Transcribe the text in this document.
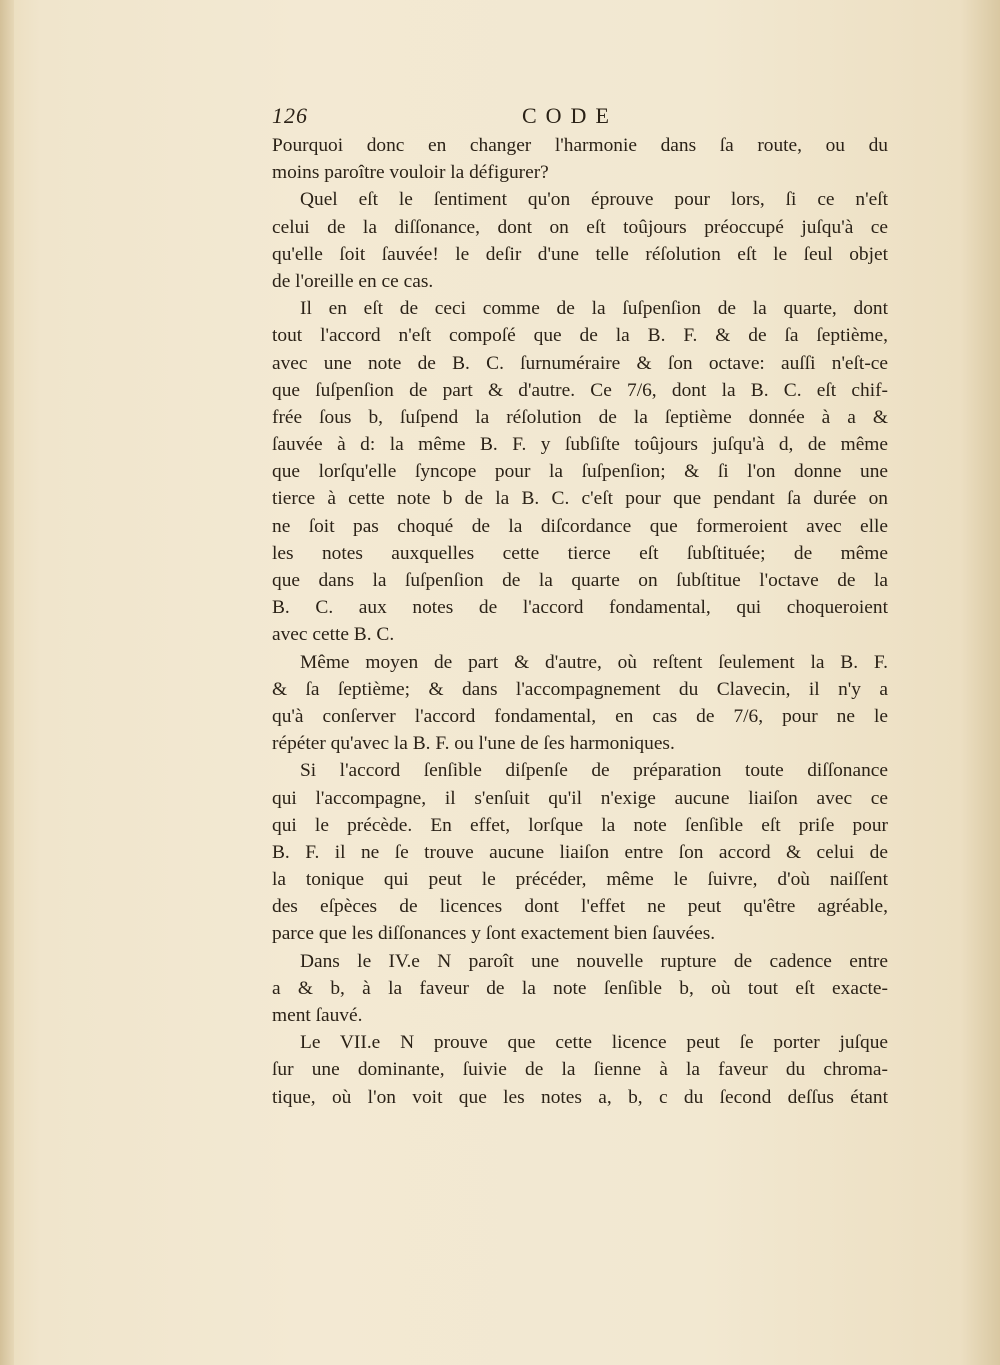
126	CODE
Pourquoi donc en changer l'harmonie dans ſa route, ou du
moins paroître vouloir la défigurer?
Quel eſt le ſentiment qu'on éprouve pour lors, ſi ce n'eſt
celui de la diſſonance, dont on eſt toûjours préoccupé juſqu'à ce
qu'elle ſoit ſauvée! le deſir d'une telle réſolution eſt le ſeul objet
de l'oreille en ce cas.
Il en eſt de ceci comme de la ſuſpenſion de la quarte, dont
tout l'accord n'eſt compoſé que de la B. F. & de ſa ſeptième,
avec une note de B. C. ſurnuméraire & ſon octave: auſſi n'eſt-ce
que ſuſpenſion de part & d'autre. Ce 7/6, dont la B. C. eſt chif-
frée ſous b, ſuſpend la réſolution de la ſeptième donnée à a &
ſauvée à d: la même B. F. y ſubſiſte toûjours juſqu'à d, de même
que lorſqu'elle ſyncope pour la ſuſpenſion; & ſi l'on donne une
tierce à cette note b de la B. C. c'eſt pour que pendant ſa durée on
ne ſoit pas choqué de la diſcordance que formeroient avec elle
les notes auxquelles cette tierce eſt ſubſtituée; de même
que dans la ſuſpenſion de la quarte on ſubſtitue l'octave de la
B. C. aux notes de l'accord fondamental, qui choqueroient
avec cette B. C.
Même moyen de part & d'autre, où reſtent ſeulement la B. F.
& ſa ſeptième; & dans l'accompagnement du Clavecin, il n'y a
qu'à conſerver l'accord fondamental, en cas de 7/6, pour ne le
répéter qu'avec la B. F. ou l'une de ſes harmoniques.
Si l'accord ſenſible diſpenſe de préparation toute diſſonance
qui l'accompagne, il s'enſuit qu'il n'exige aucune liaiſon avec ce
qui le précède. En effet, lorſque la note ſenſible eſt priſe pour
B. F. il ne ſe trouve aucune liaiſon entre ſon accord & celui de
la tonique qui peut le précéder, même le ſuivre, d'où naiſſent
des eſpèces de licences dont l'effet ne peut qu'être agréable,
parce que les diſſonances y ſont exactement bien ſauvées.
Dans le IV.e N paroît une nouvelle rupture de cadence entre
a & b, à la faveur de la note ſenſible b, où tout eſt exacte-
ment ſauvé.
Le VII.e N prouve que cette licence peut ſe porter juſque
ſur une dominante, ſuivie de la ſienne à la faveur du chroma-
tique, où l'on voit que les notes a, b, c du ſecond deſſus étant
